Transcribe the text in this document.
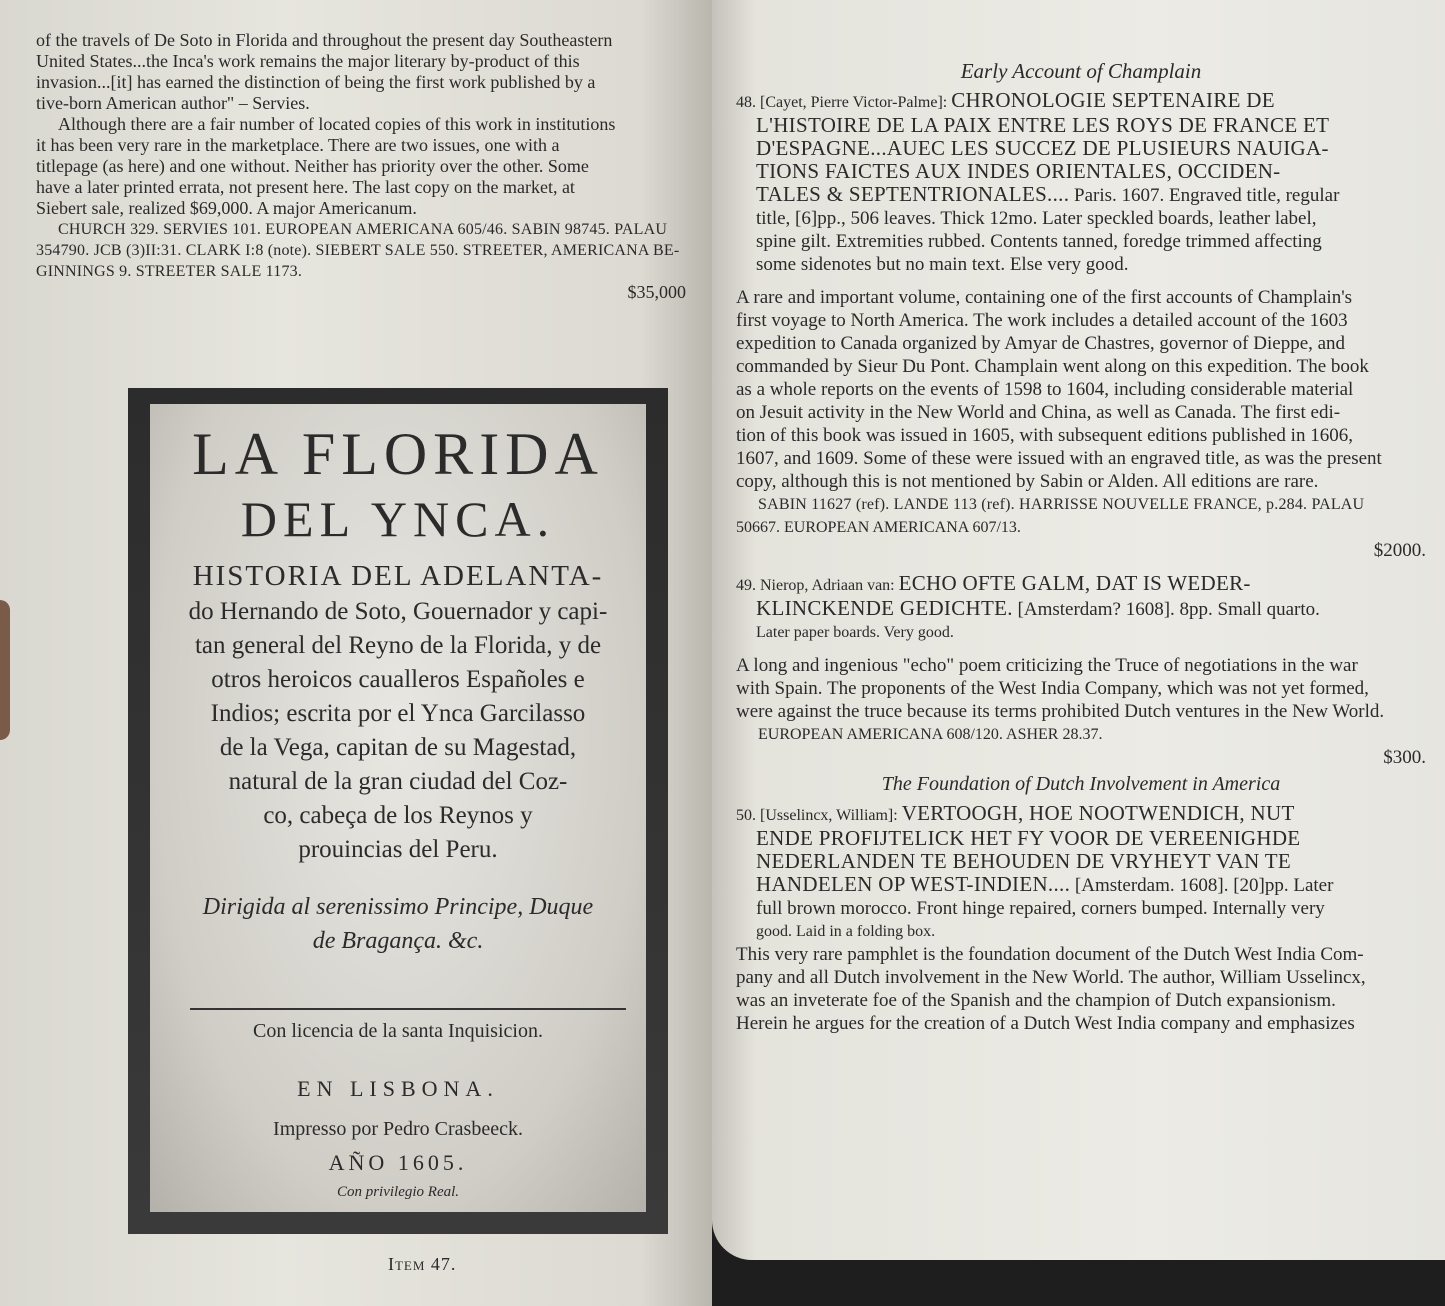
of the travels of De Soto in Florida and throughout the present day Southeastern
United States...the Inca's work remains the major literary by-product of this
invasion...[it] has earned the distinction of being the first work published by a
tive-born American author" – Servies.
Although there are a fair number of located copies of this work in institutions
it has been very rare in the marketplace. There are two issues, one with a
titlepage (as here) and one without. Neither has priority over the other. Some
have a later printed errata, not present here. The last copy on the market, at
Siebert sale, realized $69,000. A major Americanum.
CHURCH 329. SERVIES 101. EUROPEAN AMERICANA 605/46. SABIN 98745. PALAU
354790. JCB (3)II:31. CLARK I:8 (note). SIEBERT SALE 550. STREETER, AMERICANA BE-
GINNINGS 9. STREETER SALE 1173.
$35,000
LA FLORIDA
DEL YNCA.
HISTORIA DEL ADELANTA-
do Hernando de Soto, Gouernador y capi-
tan general del Reyno de la Florida, y de
otros heroicos caualleros Españoles e
Indios; escrita por el Ynca Garcilasso
de la Vega, capitan de su Magestad,
natural de la gran ciudad del Coz-
co, cabeça de los Reynos y
prouincias del Peru.
Dirigida al serenissimo Principe, Duque
de Bragança. &c.
Con licencia de la santa Inquisicion.
EN LISBONA.
Impresso por Pedro Crasbeeck.
AÑO 1605.
Con privilegio Real.
Item 47.
Early Account of Champlain
48. [Cayet, Pierre Victor-Palme]: CHRONOLOGIE SEPTENAIRE DE
L'HISTOIRE DE LA PAIX ENTRE LES ROYS DE FRANCE ET
D'ESPAGNE...AUEC LES SUCCEZ DE PLUSIEURS NAUIGA-
TIONS FAICTES AUX INDES ORIENTALES, OCCIDEN-
TALES & SEPTENTRIONALES.... Paris. 1607. Engraved title, regular
title, [6]pp., 506 leaves. Thick 12mo. Later speckled boards, leather label,
spine gilt. Extremities rubbed. Contents tanned, foredge trimmed affecting
some sidenotes but no main text. Else very good.
A rare and important volume, containing one of the first accounts of Champlain's
first voyage to North America. The work includes a detailed account of the 1603
expedition to Canada organized by Amyar de Chastres, governor of Dieppe, and
commanded by Sieur Du Pont. Champlain went along on this expedition. The book
as a whole reports on the events of 1598 to 1604, including considerable material
on Jesuit activity in the New World and China, as well as Canada. The first edi-
tion of this book was issued in 1605, with subsequent editions published in 1606,
1607, and 1609. Some of these were issued with an engraved title, as was the present
copy, although this is not mentioned by Sabin or Alden. All editions are rare.
SABIN 11627 (ref). LANDE 113 (ref). HARRISSE NOUVELLE FRANCE, p.284. PALAU
50667. EUROPEAN AMERICANA 607/13.
$2000.
49. Nierop, Adriaan van: ECHO OFTE GALM, DAT IS WEDER-
KLINCKENDE GEDICHTE. [Amsterdam? 1608]. 8pp. Small quarto.
Later paper boards. Very good.
A long and ingenious "echo" poem criticizing the Truce of negotiations in the war
with Spain. The proponents of the West India Company, which was not yet formed,
were against the truce because its terms prohibited Dutch ventures in the New World.
EUROPEAN AMERICANA 608/120. ASHER 28.37.
$300.
The Foundation of Dutch Involvement in America
50. [Usselincx, William]: VERTOOGH, HOE NOOTWENDICH, NUT
ENDE PROFIJTELICK HET FY VOOR DE VEREENIGHDE
NEDERLANDEN TE BEHOUDEN DE VRYHEYT VAN TE
HANDELEN OP WEST-INDIEN.... [Amsterdam. 1608]. [20]pp. Later
full brown morocco. Front hinge repaired, corners bumped. Internally very
good. Laid in a folding box.
This very rare pamphlet is the foundation document of the Dutch West India Com-
pany and all Dutch involvement in the New World. The author, William Usselincx,
was an inveterate foe of the Spanish and the champion of Dutch expansionism.
Herein he argues for the creation of a Dutch West India company and emphasizes
